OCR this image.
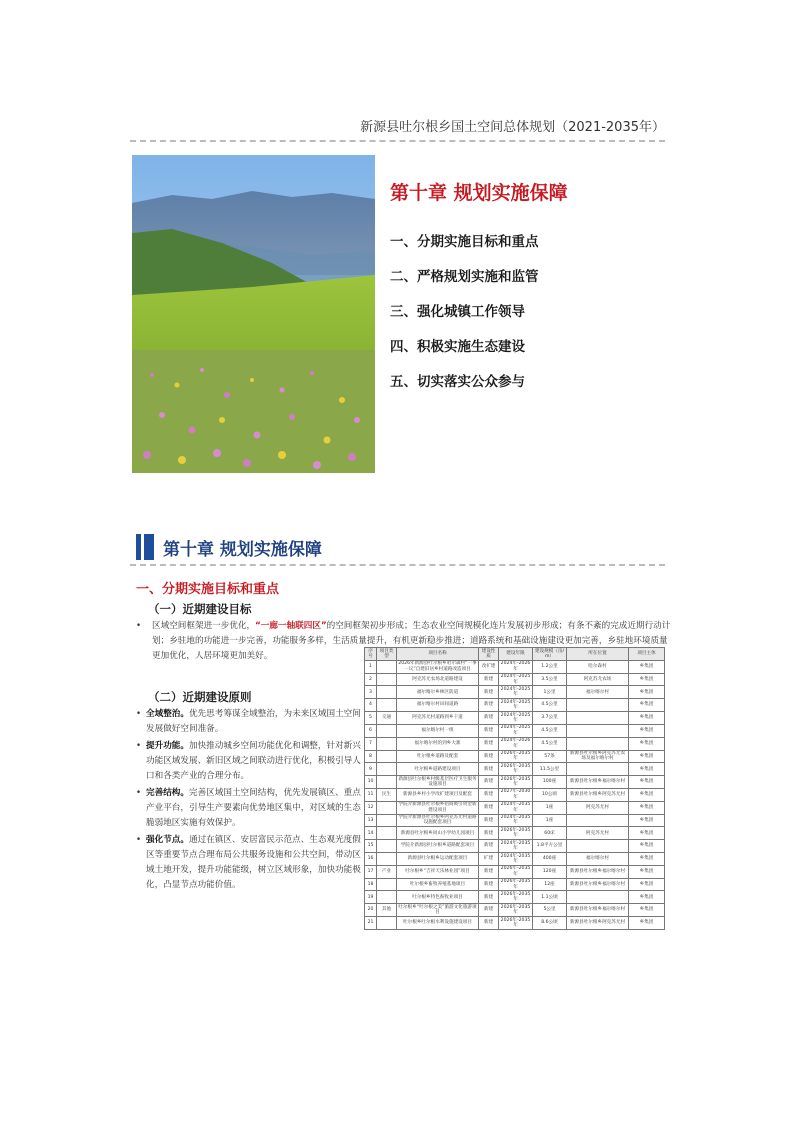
新源县吐尔根乡国土空间总体规划（2021-2035年）
第十章 规划实施保障
一、分期实施目标和重点
二、严格规划实施和监管
三、强化城镇工作领导
四、积极实施生态建设
五、切实落实公众参与
第十章 规划实施保障
一、分期实施目标和重点
（一）近期建设目标
•	区域空间框架进一步优化，“一廊一轴联四区”的空间框架初步形成；生态农业空间规模化连片发展初步形成；有条不紊的完成近期行动计划；乡驻地的功能进一步完善，功能服务多样，生活质量提升，有机更新稳步推进；道路系统和基础设施建设更加完善，乡驻地环境质量更加优化，人居环境更加美好。
（二）近期建设原则
• 全域整治。优先思考筹谋全域整治，为未来区域国土空间发展做好空间准备。
• 提升功能。加快推动城乡空间功能优化和调整，针对新兴功能区域发展、新旧区域之间联动进行优化，积极引导人口和各类产业的合理分布。
• 完善结构。完善区域国土空间结构，优先发展镇区、重点产业平台，引导生产要素向优势地区集中，对区域的生态脆弱地区实施有效保护。
• 强化节点。通过在镇区、安居富民示范点、生态观光度假区等重要节点合理布局公共服务设施和公共空间，带动区域土地开发，提升功能能级，树立区域形象，加快功能极化，凸显节点功能价值。
序号	项目类型	项目名称	建设性质	建设年限	建设规模（亩/m）	所在位置	项目主体
1		2026年新源县吐尔根乡哈尔森村“一事一议”自建旧居乡村道路改造项目	改扩建	2024年-2026年	1.2公里	哈尔森村	乡集团
2		阿克苏尤农场北道路建设	新建	2024年-2025年	3.5公里	阿克苏尤农场	乡集团
3		福尔喀尔乡林区防道	新建	2024年-2025年	1公里	福尔喀尔村	乡集团
4		福尔喀尔村田间道路	新建	2024年-2025年	4.5公里		乡集团
5	交通	阿克苏尤村道路到乡干道	新建	2024年-2025年	3.7公里		乡集团
6		福尔喀尔村一组	新建	2024年-2025年	4.5公里		乡集团
7		福尔喀尔村的到乡大寨	新建	2024年-2026年	4.5公里		乡集团
8		吐尔根乡道路及配套	新建	2026年-2035年	57条	新源县吐尔根乡阿克苏尤农场及福尔喀尔村	乡集团
9		吐尔根乡道路建设项目	新建	2026年-2035年	11.5公里		乡集团
10		新源县吐尔根乡村级基层医疗卫生服务设施项目	新建	2026年-2035年	100座	新源县吐尔根乡福尔喀尔村	乡集团
11	民生	新源县乡村小学改扩建项目及配套	新建	2027年-2030年	10公顷	新源县吐尔根乡阿克苏尤村	乡集团
12		学院介新源县吐尔根乡招商吸引资金新建设项目	新建	2024年-2035年	1座	阿克苏尤村	乡集团
13		学院介新源县吐尔根乡阿克苏尤村道路设施配套项目	新建	2024年-2035年	1座		乡集团
14		新源县吐尔根乡同山小学幼儿园项目	新建	2026年-2035年	60床	阿克苏尤村	乡集团
15		学院介新源县吐尔根乡道路配套项目	新建	2024年-2035年	1.8平方公里		乡集团
16		新源县吐尔根乡运动配套项目	扩建	2024年-2035年	400座	福尔喀尔村	乡集团
17	产业	吐尔根乡“吉祥天乐林业园”项目	新建	2026年-2035年	120座	新源县吐尔根乡福尔喀尔村	乡集团
18		吐尔根乡畜牧养殖基地项目	新建	2026年-2035年	12座	新源县吐尔根乡福尔喀尔村	乡集团
19		吐尔根乡特色畜牧业项目	新建	2026年-2035年	1.1公顷		乡集团
20	其他	吐尔根乡“吐尔根之美”旅游文化旅游项目	新建	2026年-2035年	5公里	新源县吐尔根乡福尔喀尔村	乡集团
21		吐尔根乡吐尔根水利设施建设项目	新建	2026年-2035年	8.6公顷	新源县吐尔根乡阿克苏尤村	乡集团
